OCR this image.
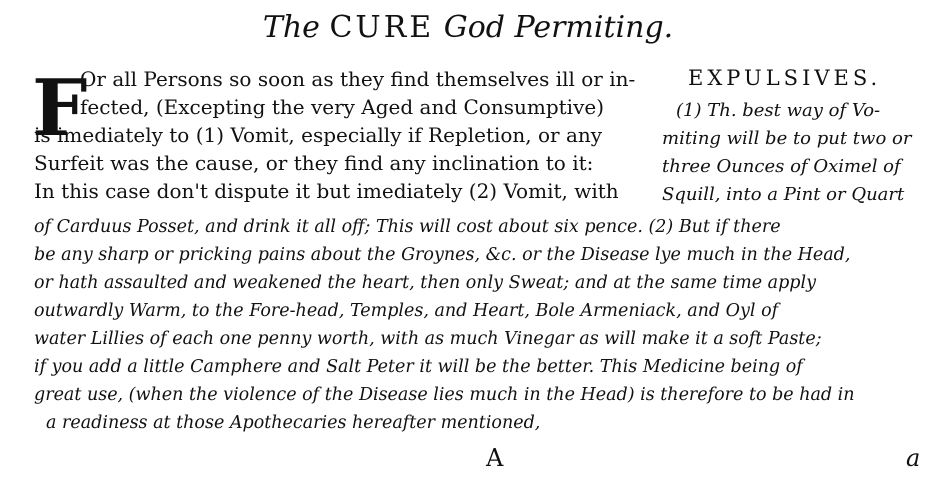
The CURE God Permiting.
F
Or all Persons so soon as they find themselves ill or in-
fected, (Excepting the very Aged and Consumptive)
is imediately to (1) Vomit, especially if Repletion, or any
Surfeit was the cause, or they find any inclination to it:
In this case don't dispute it but imediately (2) Vomit, with
EXPULSIVES.
(1) Th. best way of Vo-
miting will be to put two or
three Ounces of Oximel of
Squill, into a Pint or Quart
of Carduus Posset, and drink it all off; This will cost about six pence. (2) But if there
be any sharp or pricking pains about the Groynes, &c. or the Disease lye much in the Head,
or hath assaulted and weakened the heart, then only Sweat; and at the same time apply
outwardly Warm, to the Fore-head, Temples, and Heart, Bole Armeniack, and Oyl of
water Lillies of each one penny worth, with as much Vinegar as will make it a soft Paste;
if you add a little Camphere and Salt Peter it will be the better. This Medicine being of
great use, (when the violence of the Disease lies much in the Head) is therefore to be had in
a readiness at those Apothecaries hereafter mentioned,
A	a
